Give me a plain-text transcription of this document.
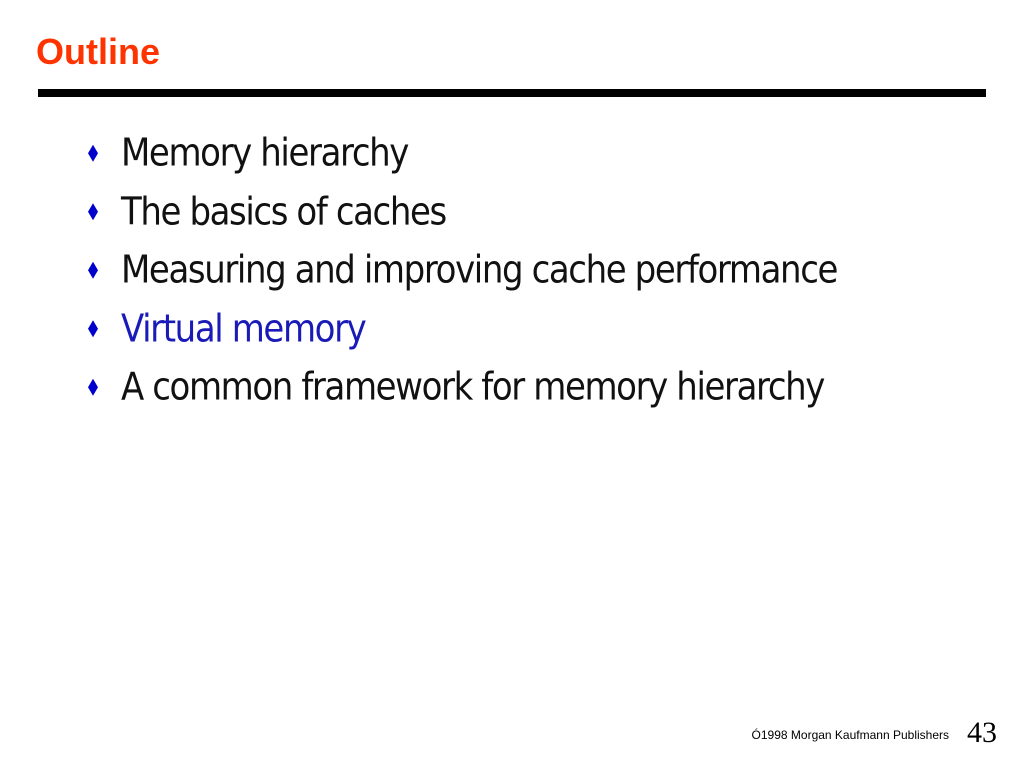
Outline
Memory hierarchy
The basics of caches
Measuring and improving cache performance
Virtual memory
A common framework for memory hierarchy
Ó1998 Morgan Kaufmann Publishers 43
